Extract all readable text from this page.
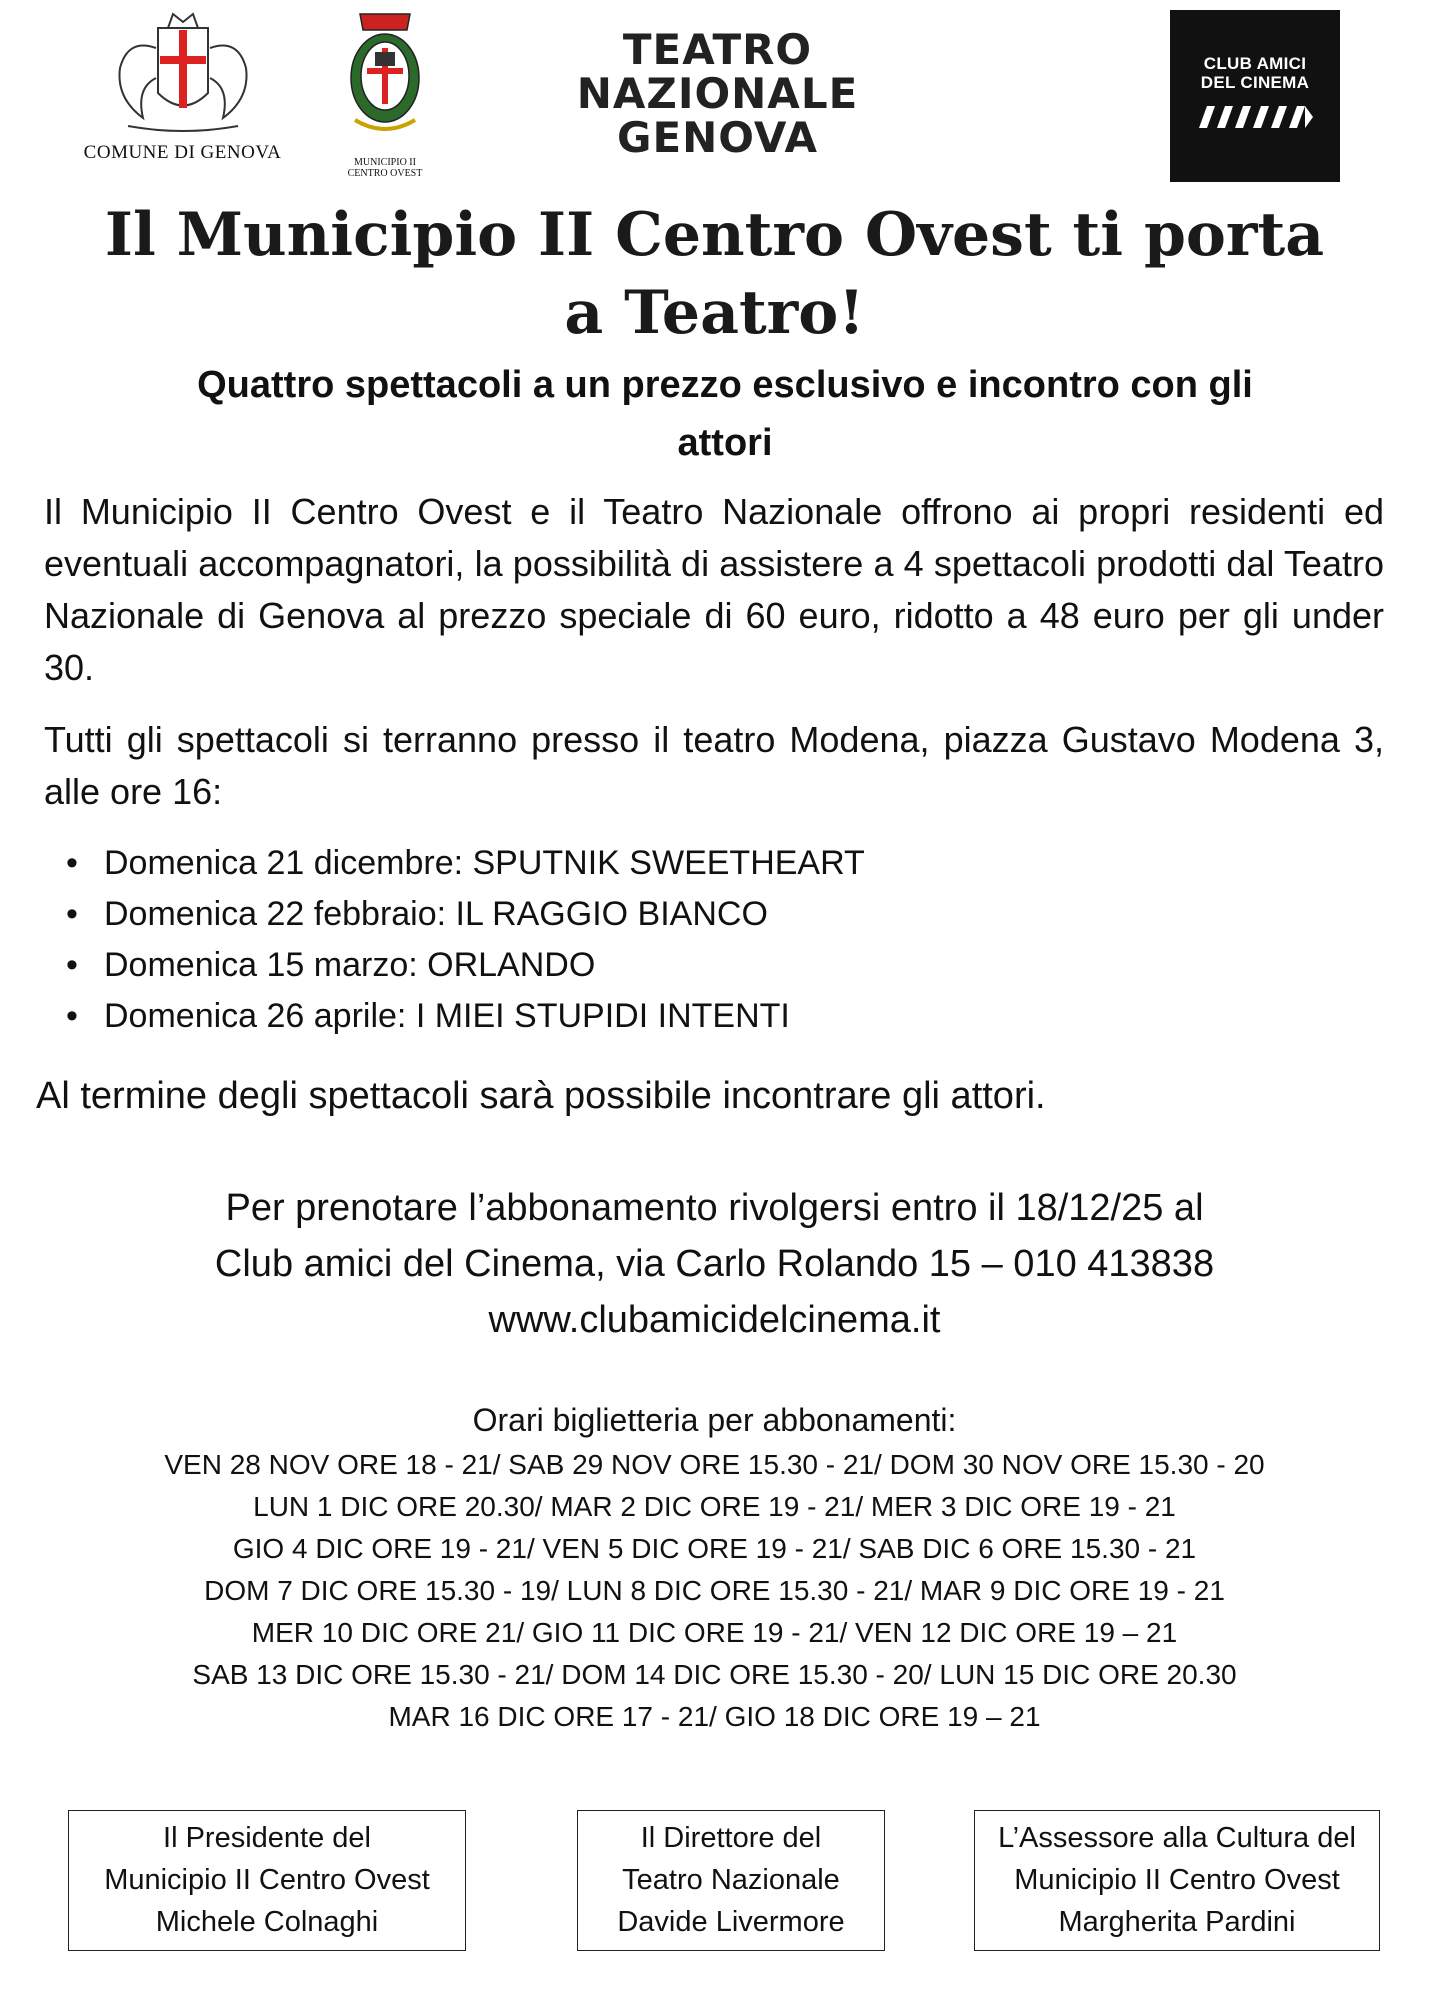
COMUNE DI GENOVA	MUNICIPIO II
CENTRO OVEST
TEATRO
NAZIONALE
GENOVA
CLUB AMICI
DEL CINEMA
Il Municipio II Centro Ovest ti porta
a Teatro!
Quattro spettacoli a un prezzo esclusivo e incontro con gli
attori
Il Municipio II Centro Ovest e il Teatro Nazionale offrono ai propri residenti ed eventuali accompagnatori, la possibilità di assistere a 4 spettacoli prodotti dal Teatro Nazionale di Genova al prezzo speciale di 60 euro, ridotto a 48 euro per gli under 30.
Tutti gli spettacoli si terranno presso il teatro Modena, piazza Gustavo Modena 3, alle ore 16:
• Domenica 21 dicembre: SPUTNIK SWEETHEART
• Domenica 22 febbraio: IL RAGGIO BIANCO
• Domenica 15 marzo: ORLANDO
• Domenica 26 aprile: I MIEI STUPIDI INTENTI
Al termine degli spettacoli sarà possibile incontrare gli attori.
Per prenotare l’abbonamento rivolgersi entro il 18/12/25 al
Club amici del Cinema, via Carlo Rolando 15 – 010 413838
www.clubamicidelcinema.it
Orari biglietteria per abbonamenti:
VEN 28 NOV ORE 18 - 21/ SAB 29 NOV ORE 15.30 - 21/ DOM 30 NOV ORE 15.30 - 20
LUN 1 DIC ORE 20.30/ MAR 2 DIC ORE 19 - 21/ MER 3 DIC ORE 19 - 21
GIO 4 DIC ORE 19 - 21/ VEN 5 DIC ORE 19 - 21/ SAB DIC 6 ORE 15.30 - 21
DOM 7 DIC ORE 15.30 - 19/ LUN 8 DIC ORE 15.30 - 21/ MAR 9 DIC ORE 19 - 21
MER 10 DIC ORE 21/ GIO 11 DIC ORE 19 - 21/ VEN 12 DIC ORE 19 – 21
SAB 13 DIC ORE 15.30 - 21/ DOM 14 DIC ORE 15.30 - 20/ LUN 15 DIC ORE 20.30
MAR 16 DIC ORE 17 - 21/ GIO 18 DIC ORE 19 – 21
Il Presidente del
Municipio II Centro Ovest
Michele Colnaghi
Il Direttore del
Teatro Nazionale
Davide Livermore
L’Assessore alla Cultura del
Municipio II Centro Ovest
Margherita Pardini
